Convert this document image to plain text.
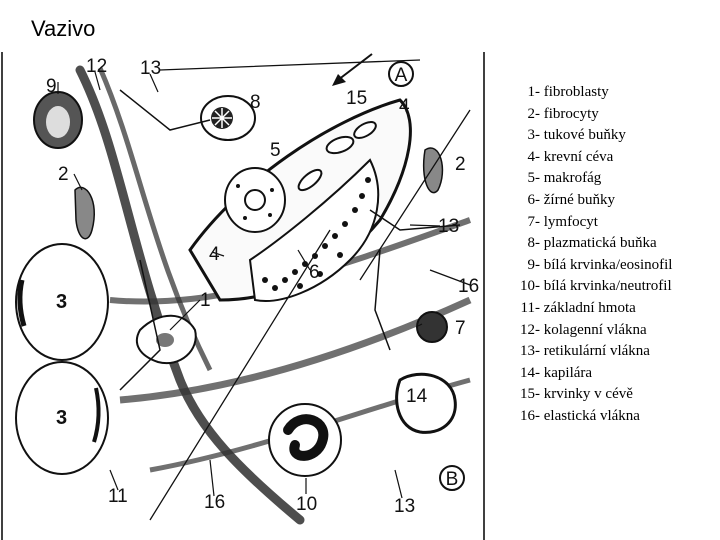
Vazivo
A
B
9
12 13
8	15 4
2
5
2
13
4
6
16
3	1
7
14
3
11	16	10	13
1- fibroblasty
2- fibrocyty
3- tukové buňky
4- krevní céva
5- makrofág
6- žírné buňky
7- lymfocyt
8- plazmatická buňka
9- bílá krvinka/eosinofil
10- bílá krvinka/neutrofil
11- základní hmota
12- kolagenní vlákna
13- retikulární vlákna
14- kapilára
15- krvinky v cévě
16- elastická vlákna
